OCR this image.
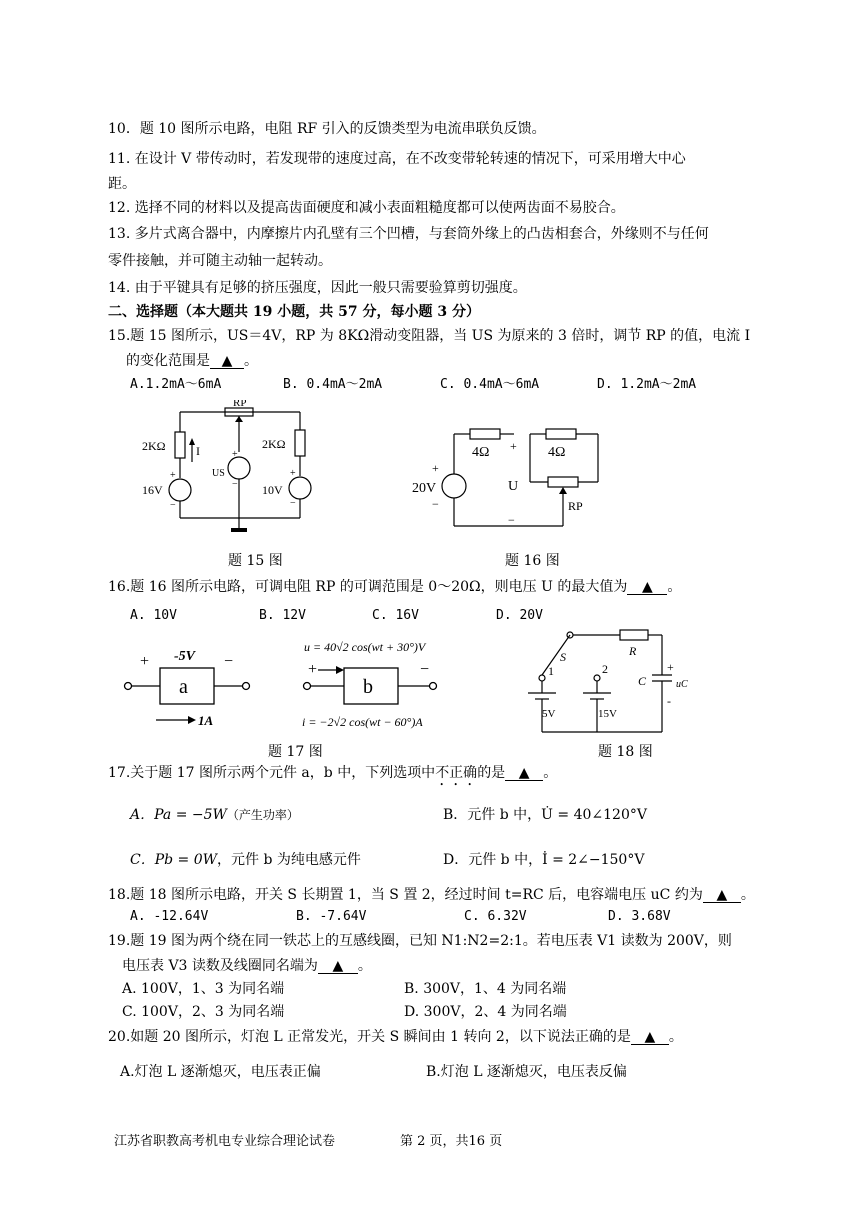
10．题 10 图所示电路，电阻 RF 引入的反馈类型为电流串联负反馈。
11. 在设计 V 带传动时，若发现带的速度过高，在不改变带轮转速的情况下，可采用增大中心
距。
12. 选择不同的材料以及提高齿面硬度和减小表面粗糙度都可以使两齿面不易胶合。
13. 多片式离合器中，内摩擦片内孔壁有三个凹槽，与套筒外缘上的凸齿相套合，外缘则不与任何
零件接触，并可随主动轴一起转动。
14. 由于平键具有足够的挤压强度，因此一般只需要验算剪切强度。
二、选择题（本大题共 19 小题，共 57 分，每小题 3 分）
15.题 15 图所示，US＝4V，RP 为 8KΩ滑动变阻器，当 US 为原来的 3 倍时，调节 RP 的值，电流 I
的变化范围是 ▲ 。
A.1.2mA～6mA	B. 0.4mA～2mA	C. 0.4mA～6mA	D. 1.2mA～2mA
RP
2KΩ	2KΩ
I
US
16V	10V
+
−
+
−
+
−
题 15 图
4Ω	4Ω
20V	U
RP
+
−
+
−
题 16 图
16.题 16 图所示电路，可调电阻 RP 的可调范围是 0～20Ω，则电压 U 的最大值为 ▲ 。
A. 10V	B. 12V	C. 16V	D. 20V
a
-5V
+	−
1A
b
u = 40√2 cos(wt + 30°)V
+	−
i = −2√2 cos(wt − 60°)A
题 17 图
S	R
C	uC
+
-
1	2
5V	15V
题 18 图
17.关于题 17 图所示两个元件 a，b 中，下列选项中不正确的是 ▲ 。
A．Pa = −5W（产生功率）	B．元件 b 中，U̇ = 40∠120°V
C．Pb = 0W，元件 b 为纯电感元件	D．元件 b 中，İ = 2∠−150°V
18.题 18 图所示电路，开关 S 长期置 1，当 S 置 2，经过时间 t=RC 后，电容端电压 uC 约为 ▲ 。
A. -12.64V	B. -7.64V	C. 6.32V	D. 3.68V
19.题 19 图为两个绕在同一铁芯上的互感线圈，已知 N1:N2=2:1。若电压表 V1 读数为 200V，则
电压表 V3 读数及线圈同名端为 ▲ 。
A. 100V，1、3 为同名端	B. 300V，1、4 为同名端
C. 100V，2、3 为同名端	D. 300V，2、4 为同名端
20.如题 20 图所示，灯泡 L 正常发光，开关 S 瞬间由 1 转向 2，以下说法正确的是 ▲ 。
A.灯泡 L 逐渐熄灭，电压表正偏	B.灯泡 L 逐渐熄灭，电压表反偏
江苏省职教高考机电专业综合理论试卷	第 2 页，共16 页
